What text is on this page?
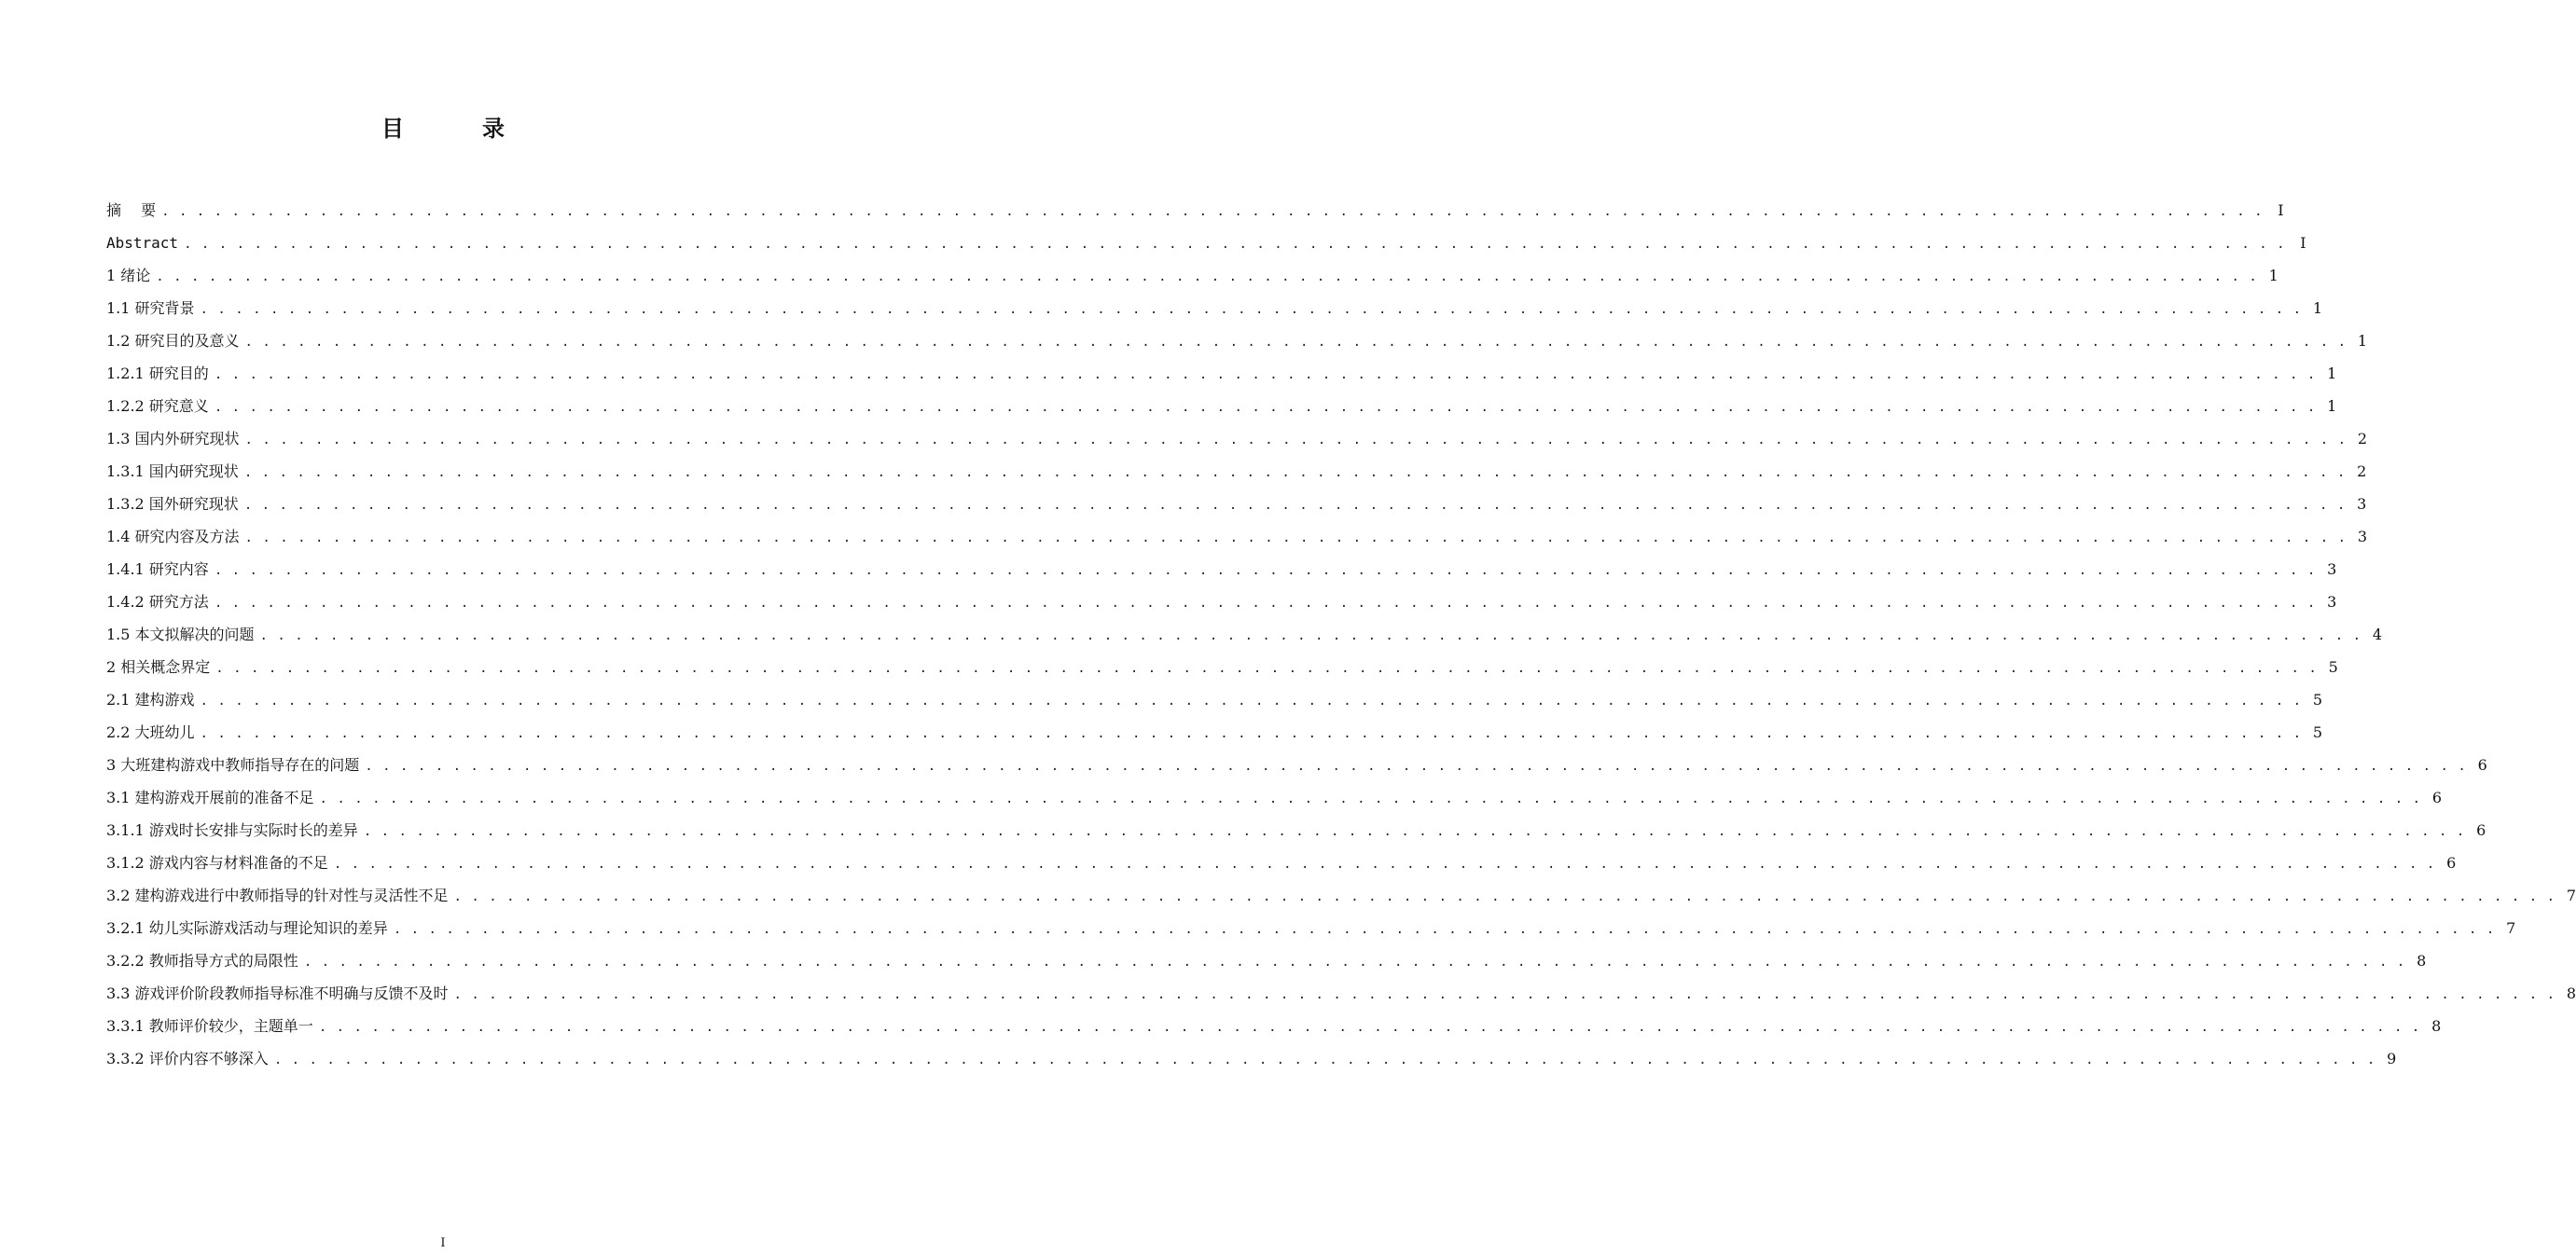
目　录
摘　 要 . . . . . . . . . . . . . . . . . . . . . . . . . . . . . . . . . . . . . . . . . . . . . . . . . . . . . . . . . . . . . . . . . . . . . . . . . . . . . . . . . . . . . . . . . . . . . . . . . . . . . . . . . . . . . . . . . . . . . . . . I
Abstract . . . . . . . . . . . . . . . . . . . . . . . . . . . . . . . . . . . . . . . . . . . . . . . . . . . . . . . . . . . . . . . . . . . . . . . . . . . . . . . . . . . . . . . . . . . . . . . . . . . . . . . . . . . . . . . . . . . . . . . . I
1 绪论 . . . . . . . . . . . . . . . . . . . . . . . . . . . . . . . . . . . . . . . . . . . . . . . . . . . . . . . . . . . . . . . . . . . . . . . . . . . . . . . . . . . . . . . . . . . . . . . . . . . . . . . . . . . . . . . . . . . . . . . . 1
1.1 研究背景 . . . . . . . . . . . . . . . . . . . . . . . . . . . . . . . . . . . . . . . . . . . . . . . . . . . . . . . . . . . . . . . . . . . . . . . . . . . . . . . . . . . . . . . . . . . . . . . . . . . . . . . . . . . . . . . . . . . . . . . . 1
1.2 研究目的及意义 . . . . . . . . . . . . . . . . . . . . . . . . . . . . . . . . . . . . . . . . . . . . . . . . . . . . . . . . . . . . . . . . . . . . . . . . . . . . . . . . . . . . . . . . . . . . . . . . . . . . . . . . . . . . . . . . . . . . . . . . 1
1.2.1 研究目的 . . . . . . . . . . . . . . . . . . . . . . . . . . . . . . . . . . . . . . . . . . . . . . . . . . . . . . . . . . . . . . . . . . . . . . . . . . . . . . . . . . . . . . . . . . . . . . . . . . . . . . . . . . . . . . . . . . . . . . . . 1
1.2.2 研究意义 . . . . . . . . . . . . . . . . . . . . . . . . . . . . . . . . . . . . . . . . . . . . . . . . . . . . . . . . . . . . . . . . . . . . . . . . . . . . . . . . . . . . . . . . . . . . . . . . . . . . . . . . . . . . . . . . . . . . . . . . 1
1.3 国内外研究现状 . . . . . . . . . . . . . . . . . . . . . . . . . . . . . . . . . . . . . . . . . . . . . . . . . . . . . . . . . . . . . . . . . . . . . . . . . . . . . . . . . . . . . . . . . . . . . . . . . . . . . . . . . . . . . . . . . . . . . . . . 2
1.3.1 国内研究现状 . . . . . . . . . . . . . . . . . . . . . . . . . . . . . . . . . . . . . . . . . . . . . . . . . . . . . . . . . . . . . . . . . . . . . . . . . . . . . . . . . . . . . . . . . . . . . . . . . . . . . . . . . . . . . . . . . . . . . . . . 2
1.3.2 国外研究现状 . . . . . . . . . . . . . . . . . . . . . . . . . . . . . . . . . . . . . . . . . . . . . . . . . . . . . . . . . . . . . . . . . . . . . . . . . . . . . . . . . . . . . . . . . . . . . . . . . . . . . . . . . . . . . . . . . . . . . . . . 3
1.4 研究内容及方法 . . . . . . . . . . . . . . . . . . . . . . . . . . . . . . . . . . . . . . . . . . . . . . . . . . . . . . . . . . . . . . . . . . . . . . . . . . . . . . . . . . . . . . . . . . . . . . . . . . . . . . . . . . . . . . . . . . . . . . . . 3
1.4.1 研究内容 . . . . . . . . . . . . . . . . . . . . . . . . . . . . . . . . . . . . . . . . . . . . . . . . . . . . . . . . . . . . . . . . . . . . . . . . . . . . . . . . . . . . . . . . . . . . . . . . . . . . . . . . . . . . . . . . . . . . . . . . 3
1.4.2 研究方法 . . . . . . . . . . . . . . . . . . . . . . . . . . . . . . . . . . . . . . . . . . . . . . . . . . . . . . . . . . . . . . . . . . . . . . . . . . . . . . . . . . . . . . . . . . . . . . . . . . . . . . . . . . . . . . . . . . . . . . . . 3
1.5 本文拟解决的问题 . . . . . . . . . . . . . . . . . . . . . . . . . . . . . . . . . . . . . . . . . . . . . . . . . . . . . . . . . . . . . . . . . . . . . . . . . . . . . . . . . . . . . . . . . . . . . . . . . . . . . . . . . . . . . . . . . . . . . . . . 4
2 相关概念界定 . . . . . . . . . . . . . . . . . . . . . . . . . . . . . . . . . . . . . . . . . . . . . . . . . . . . . . . . . . . . . . . . . . . . . . . . . . . . . . . . . . . . . . . . . . . . . . . . . . . . . . . . . . . . . . . . . . . . . . . . 5
2.1 建构游戏 . . . . . . . . . . . . . . . . . . . . . . . . . . . . . . . . . . . . . . . . . . . . . . . . . . . . . . . . . . . . . . . . . . . . . . . . . . . . . . . . . . . . . . . . . . . . . . . . . . . . . . . . . . . . . . . . . . . . . . . . 5
2.2 大班幼儿 . . . . . . . . . . . . . . . . . . . . . . . . . . . . . . . . . . . . . . . . . . . . . . . . . . . . . . . . . . . . . . . . . . . . . . . . . . . . . . . . . . . . . . . . . . . . . . . . . . . . . . . . . . . . . . . . . . . . . . . . 5
3 大班建构游戏中教师指导存在的问题 . . . . . . . . . . . . . . . . . . . . . . . . . . . . . . . . . . . . . . . . . . . . . . . . . . . . . . . . . . . . . . . . . . . . . . . . . . . . . . . . . . . . . . . . . . . . . . . . . . . . . . . . . . . . . . . . . . . . . . . . 6
3.1 建构游戏开展前的准备不足 . . . . . . . . . . . . . . . . . . . . . . . . . . . . . . . . . . . . . . . . . . . . . . . . . . . . . . . . . . . . . . . . . . . . . . . . . . . . . . . . . . . . . . . . . . . . . . . . . . . . . . . . . . . . . . . . . . . . . . . . 6
3.1.1 游戏时长安排与实际时长的差异 . . . . . . . . . . . . . . . . . . . . . . . . . . . . . . . . . . . . . . . . . . . . . . . . . . . . . . . . . . . . . . . . . . . . . . . . . . . . . . . . . . . . . . . . . . . . . . . . . . . . . . . . . . . . . . . . . . . . . . . . 6
3.1.2 游戏内容与材料准备的不足 . . . . . . . . . . . . . . . . . . . . . . . . . . . . . . . . . . . . . . . . . . . . . . . . . . . . . . . . . . . . . . . . . . . . . . . . . . . . . . . . . . . . . . . . . . . . . . . . . . . . . . . . . . . . . . . . . . . . . . . . 6
3.2 建构游戏进行中教师指导的针对性与灵活性不足 . . . . . . . . . . . . . . . . . . . . . . . . . . . . . . . . . . . . . . . . . . . . . . . . . . . . . . . . . . . . . . . . . . . . . . . . . . . . . . . . . . . . . . . . . . . . . . . . . . . . . . . . . . . . . . . . . . . . . . . . 7
3.2.1 幼儿实际游戏活动与理论知识的差异 . . . . . . . . . . . . . . . . . . . . . . . . . . . . . . . . . . . . . . . . . . . . . . . . . . . . . . . . . . . . . . . . . . . . . . . . . . . . . . . . . . . . . . . . . . . . . . . . . . . . . . . . . . . . . . . . . . . . . . . . 7
3.2.2 教师指导方式的局限性 . . . . . . . . . . . . . . . . . . . . . . . . . . . . . . . . . . . . . . . . . . . . . . . . . . . . . . . . . . . . . . . . . . . . . . . . . . . . . . . . . . . . . . . . . . . . . . . . . . . . . . . . . . . . . . . . . . . . . . . . 8
3.3 游戏评价阶段教师指导标准不明确与反馈不及时 . . . . . . . . . . . . . . . . . . . . . . . . . . . . . . . . . . . . . . . . . . . . . . . . . . . . . . . . . . . . . . . . . . . . . . . . . . . . . . . . . . . . . . . . . . . . . . . . . . . . . . . . . . . . . . . . . . . . . . . . 8
3.3.1 教师评价较少，主题单一 . . . . . . . . . . . . . . . . . . . . . . . . . . . . . . . . . . . . . . . . . . . . . . . . . . . . . . . . . . . . . . . . . . . . . . . . . . . . . . . . . . . . . . . . . . . . . . . . . . . . . . . . . . . . . . . . . . . . . . . . 8
3.3.2 评价内容不够深入 . . . . . . . . . . . . . . . . . . . . . . . . . . . . . . . . . . . . . . . . . . . . . . . . . . . . . . . . . . . . . . . . . . . . . . . . . . . . . . . . . . . . . . . . . . . . . . . . . . . . . . . . . . . . . . . . . . . . . . . . 9
I
